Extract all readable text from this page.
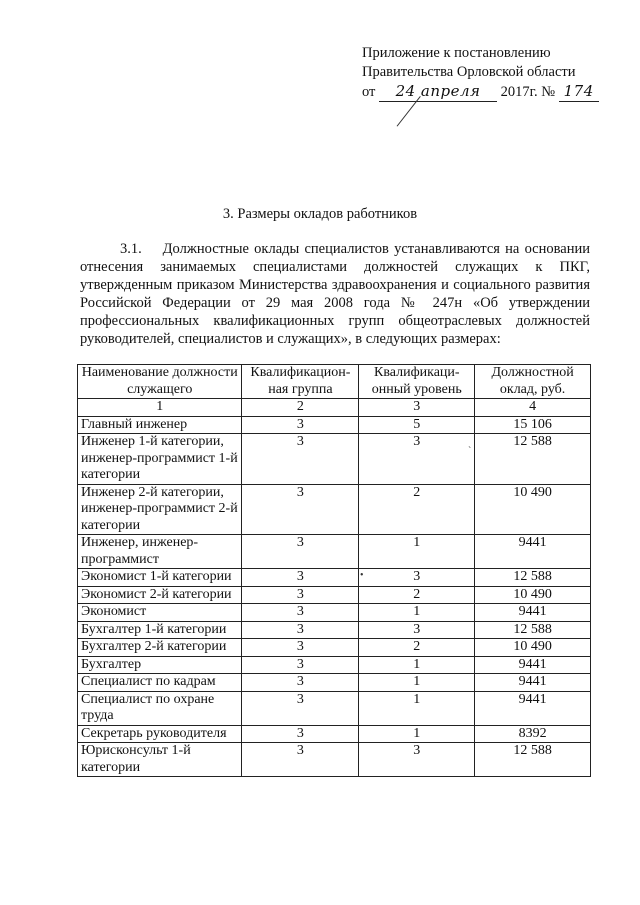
Приложение к постановлению
Правительства Орловской области
от 24 апреля 2017г. № 174
3. Размеры окладов работников
3.1. Должностные оклады специалистов устанавливаются на основании отнесения занимаемых специалистами должностей служащих к ПКГ, утвержденным приказом Министерства здравоохранения и социального развития Российской Федерации от 29 мая 2008 года № 247н «Об утверждении профессиональных квалификационных групп общеотраслевых должностей руководителей, специалистов и служащих», в следующих размерах:
Наименование должности служащего	Квалификацион-ная группа	Квалификаци-онный уровень	Должностной оклад, руб.
1	2	3	4
Главный инженер	3	5	15 106
Инженер 1-й категории, инженер-программист 1-й категории	3	3	12 588
Инженер 2-й категории, инженер-программист 2-й категории	3	2	10 490
Инженер, инженер-программист	3	1	9441
Экономист 1-й категории	3	3	12 588
Экономист 2-й категории	3	2	10 490
Экономист	3	1	9441
Бухгалтер 1-й категории	3	3	12 588
Бухгалтер 2-й категории	3	2	10 490
Бухгалтер	3	1	9441
Специалист по кадрам	3	1	9441
Специалист по охране труда	3	1	9441
Секретарь руководителя	3	1	8392
Юрисконсульт 1-й категории	3	3	12 588
`
•
